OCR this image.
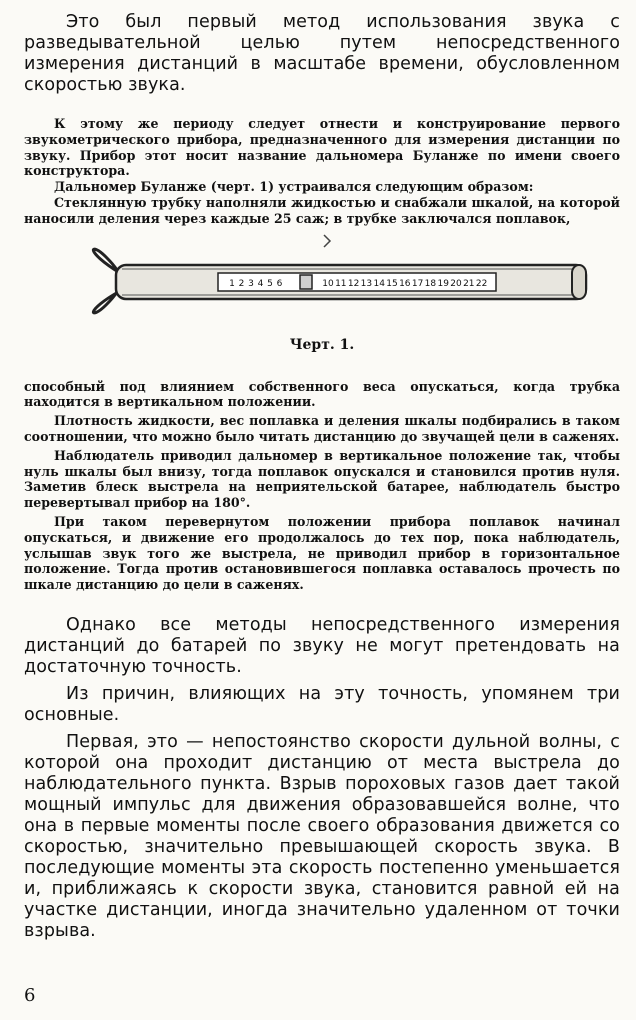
Это был первый метод использования звука с разведывательной целью путем непосредственного измерения дистанций в масштабе времени, обусловленном скоростью звука.

К этому же периоду следует отнести и конструирование первого звукометрического прибора, предназначенного для измерения дистанции по звуку. Прибор этот носит название дальномера Буланже по имени своего конструктора.

Дальномер Буланже (черт. 1) устраивался следующим образом:

Стеклянную трубку наполняли жидкостью и снабжали шкалой, на которой наносили деления через каждые 25 саж; в трубке заключался поплавок,

1 2 3 4 5 6	10 11 12 13 14 15 16 17 18 19 20 21 22
Черт. 1.

способный под влиянием собственного веса опускаться, когда трубка находится в вертикальном положении.

Плотность жидкости, вес поплавка и деления шкалы подбирались в таком соотношении, что можно было читать дистанцию до звучащей цели в саженях.

Наблюдатель приводил дальномер в вертикальное положение так, чтобы нуль шкалы был внизу, тогда поплавок опускался и становился против нуля. Заметив блеск выстрела на неприятельской батарее, наблюдатель быстро перевертывал прибор на 180°.

При таком перевернутом положении прибора поплавок начинал опускаться, и движение его продолжалось до тех пор, пока наблюдатель, услышав звук того же выстрела, не приводил прибор в горизонтальное положение. Тогда против остановившегося поплавка оставалось прочесть по шкале дистанцию до цели в саженях.

Однако все методы непосредственного измерения дистанций до батарей по звуку не могут претендовать на достаточную точность.

Из причин, влияющих на эту точность, упомянем три основные.

Первая, это — непостоянство скорости дульной волны, с которой она проходит дистанцию от места выстрела до наблюдательного пункта. Взрыв пороховых газов дает такой мощный импульс для движения образовавшейся волне, что она в первые моменты после своего образования движется со скоростью, значительно превышающей скорость звука. В последующие моменты эта скорость постепенно уменьшается и, приближаясь к скорости звука, становится равной ей на участке дистанции, иногда значительно удаленном от точки взрыва.

6
